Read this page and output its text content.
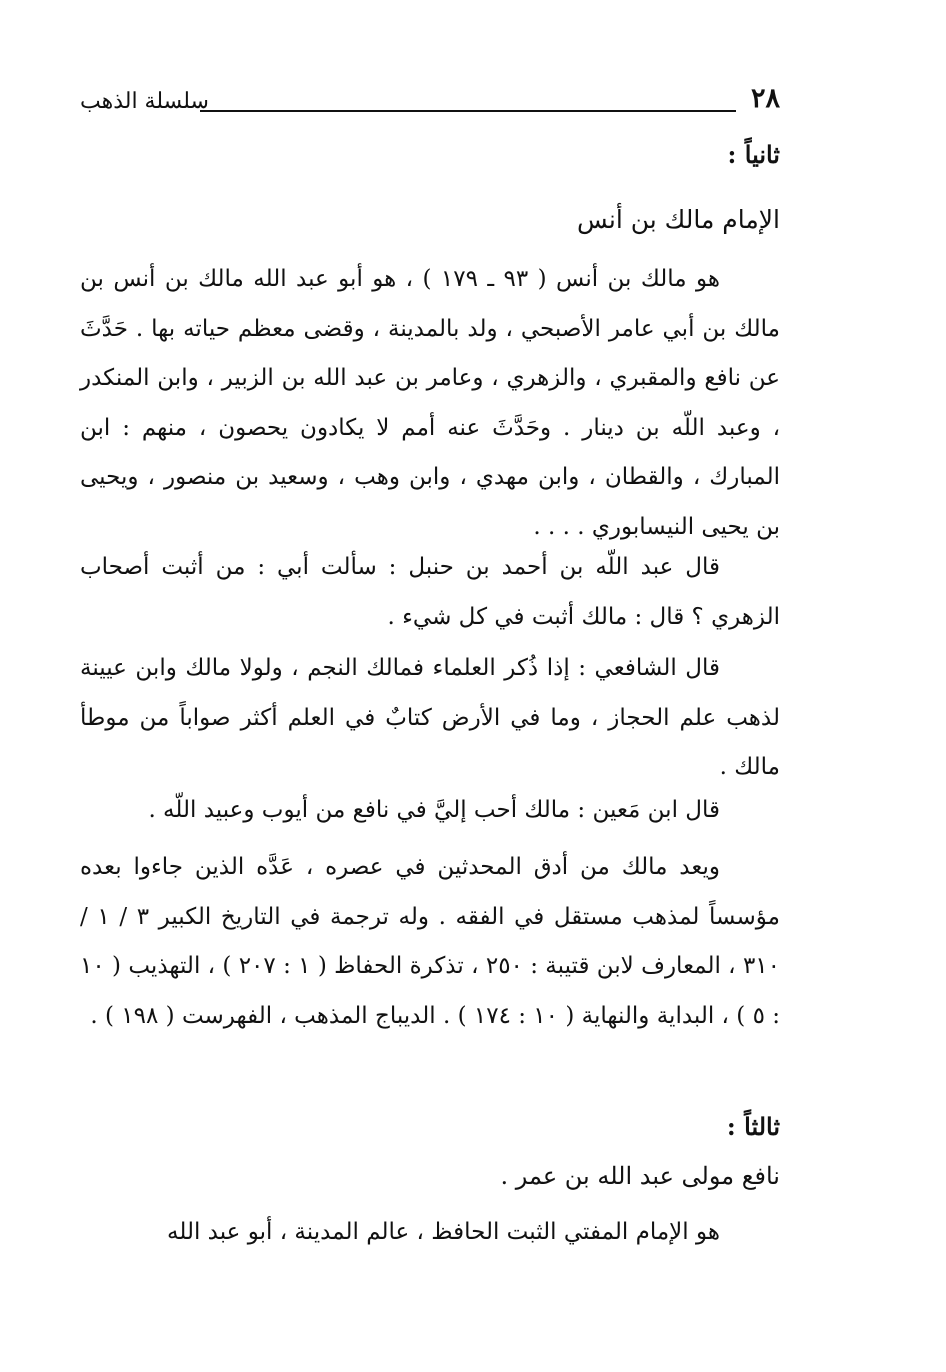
٢٨
سلسلة الذهب

ثانياً :

الإمام مالك بن أنس

هو مالك بن أنس ( ٩٣ ـ ١٧٩ ) ، هو أبو عبد الله مالك بن أنس بن مالك بن أبي عامر الأصبحي ، ولد بالمدينة ، وقضى معظم حياته بها . حَدَّثَ عن نافع والمقبري ، والزهري ، وعامر بن عبد الله بن الزبير ، وابن المنكدر ، وعبد اللّه بن دينار . وحَدَّثَ عنه أمم لا يكادون يحصون ، منهم : ابن المبارك ، والقطان ، وابن مهدي ، وابن وهب ، وسعيد بن منصور ، ويحيى بن يحيى النيسابوري . . . .

قال عبد اللّه بن أحمد بن حنبل : سألت أبي : من أثبت أصحاب الزهري ؟ قال : مالك أثبت في كل شيء .

قال الشافعي : إذا ذُكر العلماء فمالك النجم ، ولولا مالك وابن عيينة لذهب علم الحجاز ، وما في الأرض كتابٌ في العلم أكثر صواباً من موطأ مالك .

قال ابن مَعين : مالك أحب إليَّ في نافع من أيوب وعبيد اللّه .

ويعد مالك من أدق المحدثين في عصره ، عَدَّه الذين جاءوا بعده مؤسساً لمذهب مستقل في الفقه . وله ترجمة في التاريخ الكبير ٣ / ١ / ٣١٠ ، المعارف لابن قتيبة : ٢٥٠ ، تذكرة الحفاظ ( ١ : ٢٠٧ ) ، التهذيب ( ١٠ : ٥ ) ، البداية والنهاية ( ١٠ : ١٧٤ ) . الديباج المذهب ، الفهرست ( ١٩٨ ) .

ثالثاً :

نافع مولى عبد الله بن عمر .

هو الإمام المفتي الثبت الحافظ ، عالم المدينة ، أبو عبد الله
